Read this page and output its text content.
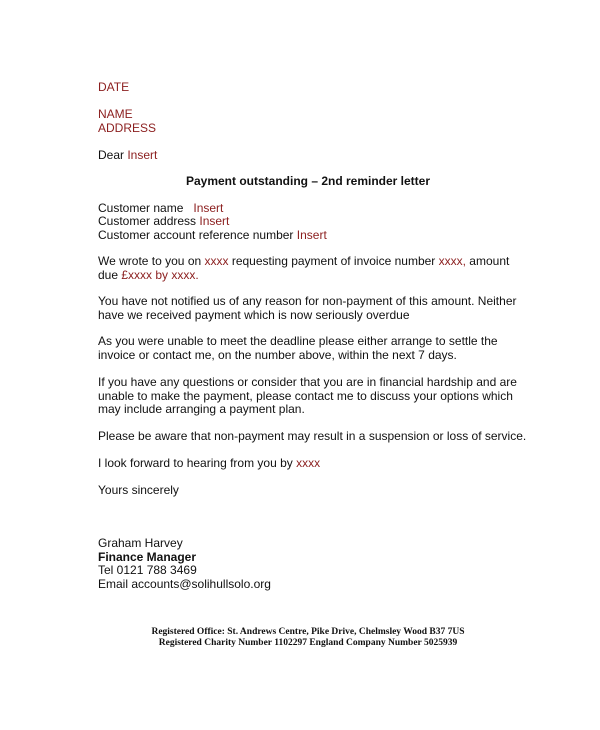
DATE
NAME
ADDRESS
Dear Insert
Payment outstanding – 2nd reminder letter
Customer name   Insert
Customer address Insert
Customer account reference number Insert
We wrote to you on xxxx requesting payment of invoice number xxxx, amount
due £xxxx by xxxx.
You have not notified us of any reason for non-payment of this amount. Neither
have we received payment which is now seriously overdue
As you were unable to meet the deadline please either arrange to settle the
invoice or contact me, on the number above, within the next 7 days.
If you have any questions or consider that you are in financial hardship and are
unable to make the payment, please contact me to discuss your options which
may include arranging a payment plan.
Please be aware that non-payment may result in a suspension or loss of service.
I look forward to hearing from you by xxxx
Yours sincerely
Graham Harvey
Finance Manager
Tel 0121 788 3469
Email accounts@solihullsolo.org
Registered Office: St. Andrews Centre, Pike Drive, Chelmsley Wood B37 7US
Registered Charity Number 1102297 England Company Number 5025939
